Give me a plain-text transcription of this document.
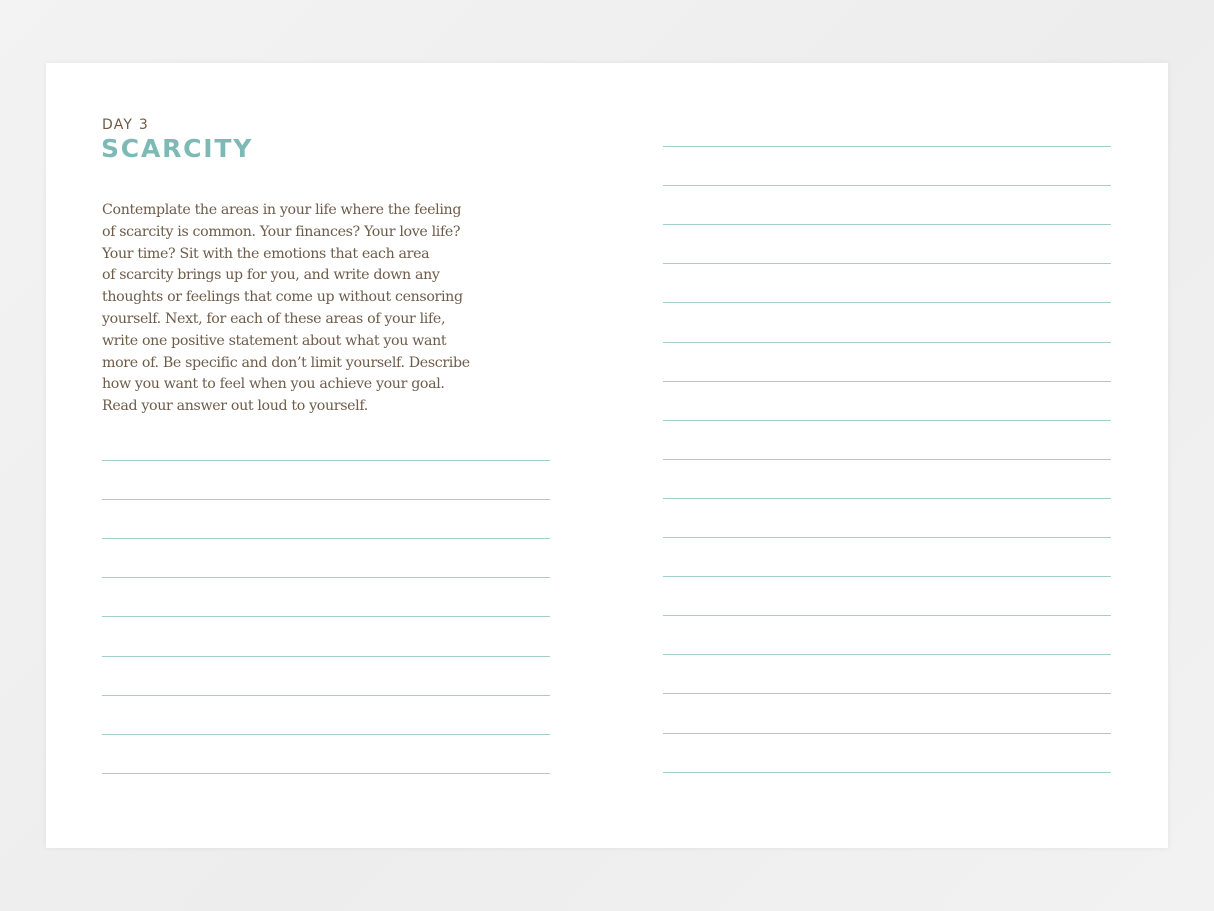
DAY 3
SCARCITY

Contemplate the areas in your life where the feeling
of scarcity is common. Your finances? Your love life?
Your time? Sit with the emotions that each area
of scarcity brings up for you, and write down any
thoughts or feelings that come up without censoring
yourself. Next, for each of these areas of your life,
write one positive statement about what you want
more of. Be specific and don’t limit yourself. Describe
how you want to feel when you achieve your goal.
Read your answer out loud to yourself.
